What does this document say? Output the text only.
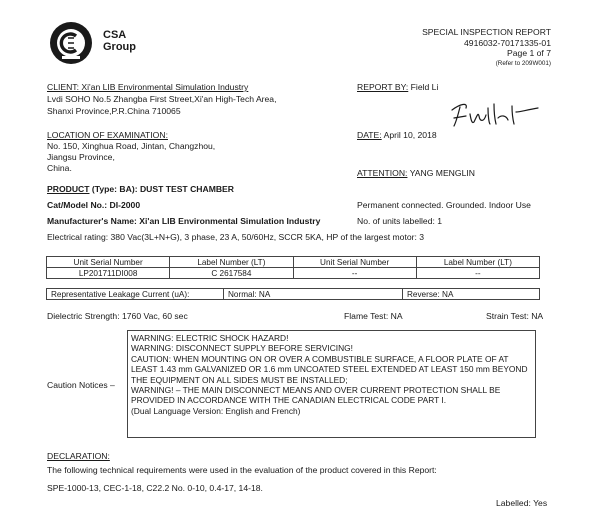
CSA
Group
SPECIAL INSPECTION REPORT
4916032-70171335-01
Page 1 of 7
(Refer to 209W001)
CLIENT: Xi'an LIB Environmental Simulation Industry
Lvdi SOHO No.5 Zhangba First Street,Xi'an High-Tech Area,
Shanxi Province,P.R.China 710065
REPORT BY: Field Li
LOCATION OF EXAMINATION:
No. 150, Xinghua Road, Jintan, Changzhou,
Jiangsu Province,
China.
DATE: April 10, 2018
ATTENTION: YANG MENGLIN
PRODUCT (Type: BA): DUST TEST CHAMBER
Cat/Model No.: DI-2000	Permanent connected. Grounded. Indoor Use
Manufacturer's Name: Xi'an LIB Environmental Simulation Industry	No. of units labelled: 1
Electrical rating: 380 Vac(3L+N+G), 3 phase, 23 A, 50/60Hz, SCCR 5KA, HP of the largest motor: 3
Unit Serial Number	Label Number (LT)	Unit Serial Number	Label Number (LT)
LP201711DI008	C 2617584	--	--
Representative Leakage Current (uA):	Normal: NA	Reverse: NA
Dielectric Strength: 1760 Vac, 60 sec	Flame Test: NA	Strain Test: NA
Caution Notices –
WARNING: ELECTRIC SHOCK HAZARD!
WARNING: DISCONNECT SUPPLY BEFORE SERVICING!
CAUTION: WHEN MOUNTING ON OR OVER A COMBUSTIBLE SURFACE, A FLOOR PLATE OF AT LEAST 1.43 mm GALVANIZED OR 1.6 mm UNCOATED STEEL EXTENDED AT LEAST 150 mm BEYOND THE EQUIPMENT ON ALL SIDES MUST BE INSTALLED;
WARNING! – THE MAIN DISCONNECT MEANS AND OVER CURRENT PROTECTION SHALL BE PROVIDED IN ACCORDANCE WITH THE CANADIAN ELECTRICAL CODE PART I.
(Dual Language Version: English and French)
DECLARATION:
The following technical requirements were used in the evaluation of the product covered in this Report:
SPE-1000-13, CEC-1-18, C22.2 No. 0-10, 0.4-17, 14-18.
Labelled: Yes
